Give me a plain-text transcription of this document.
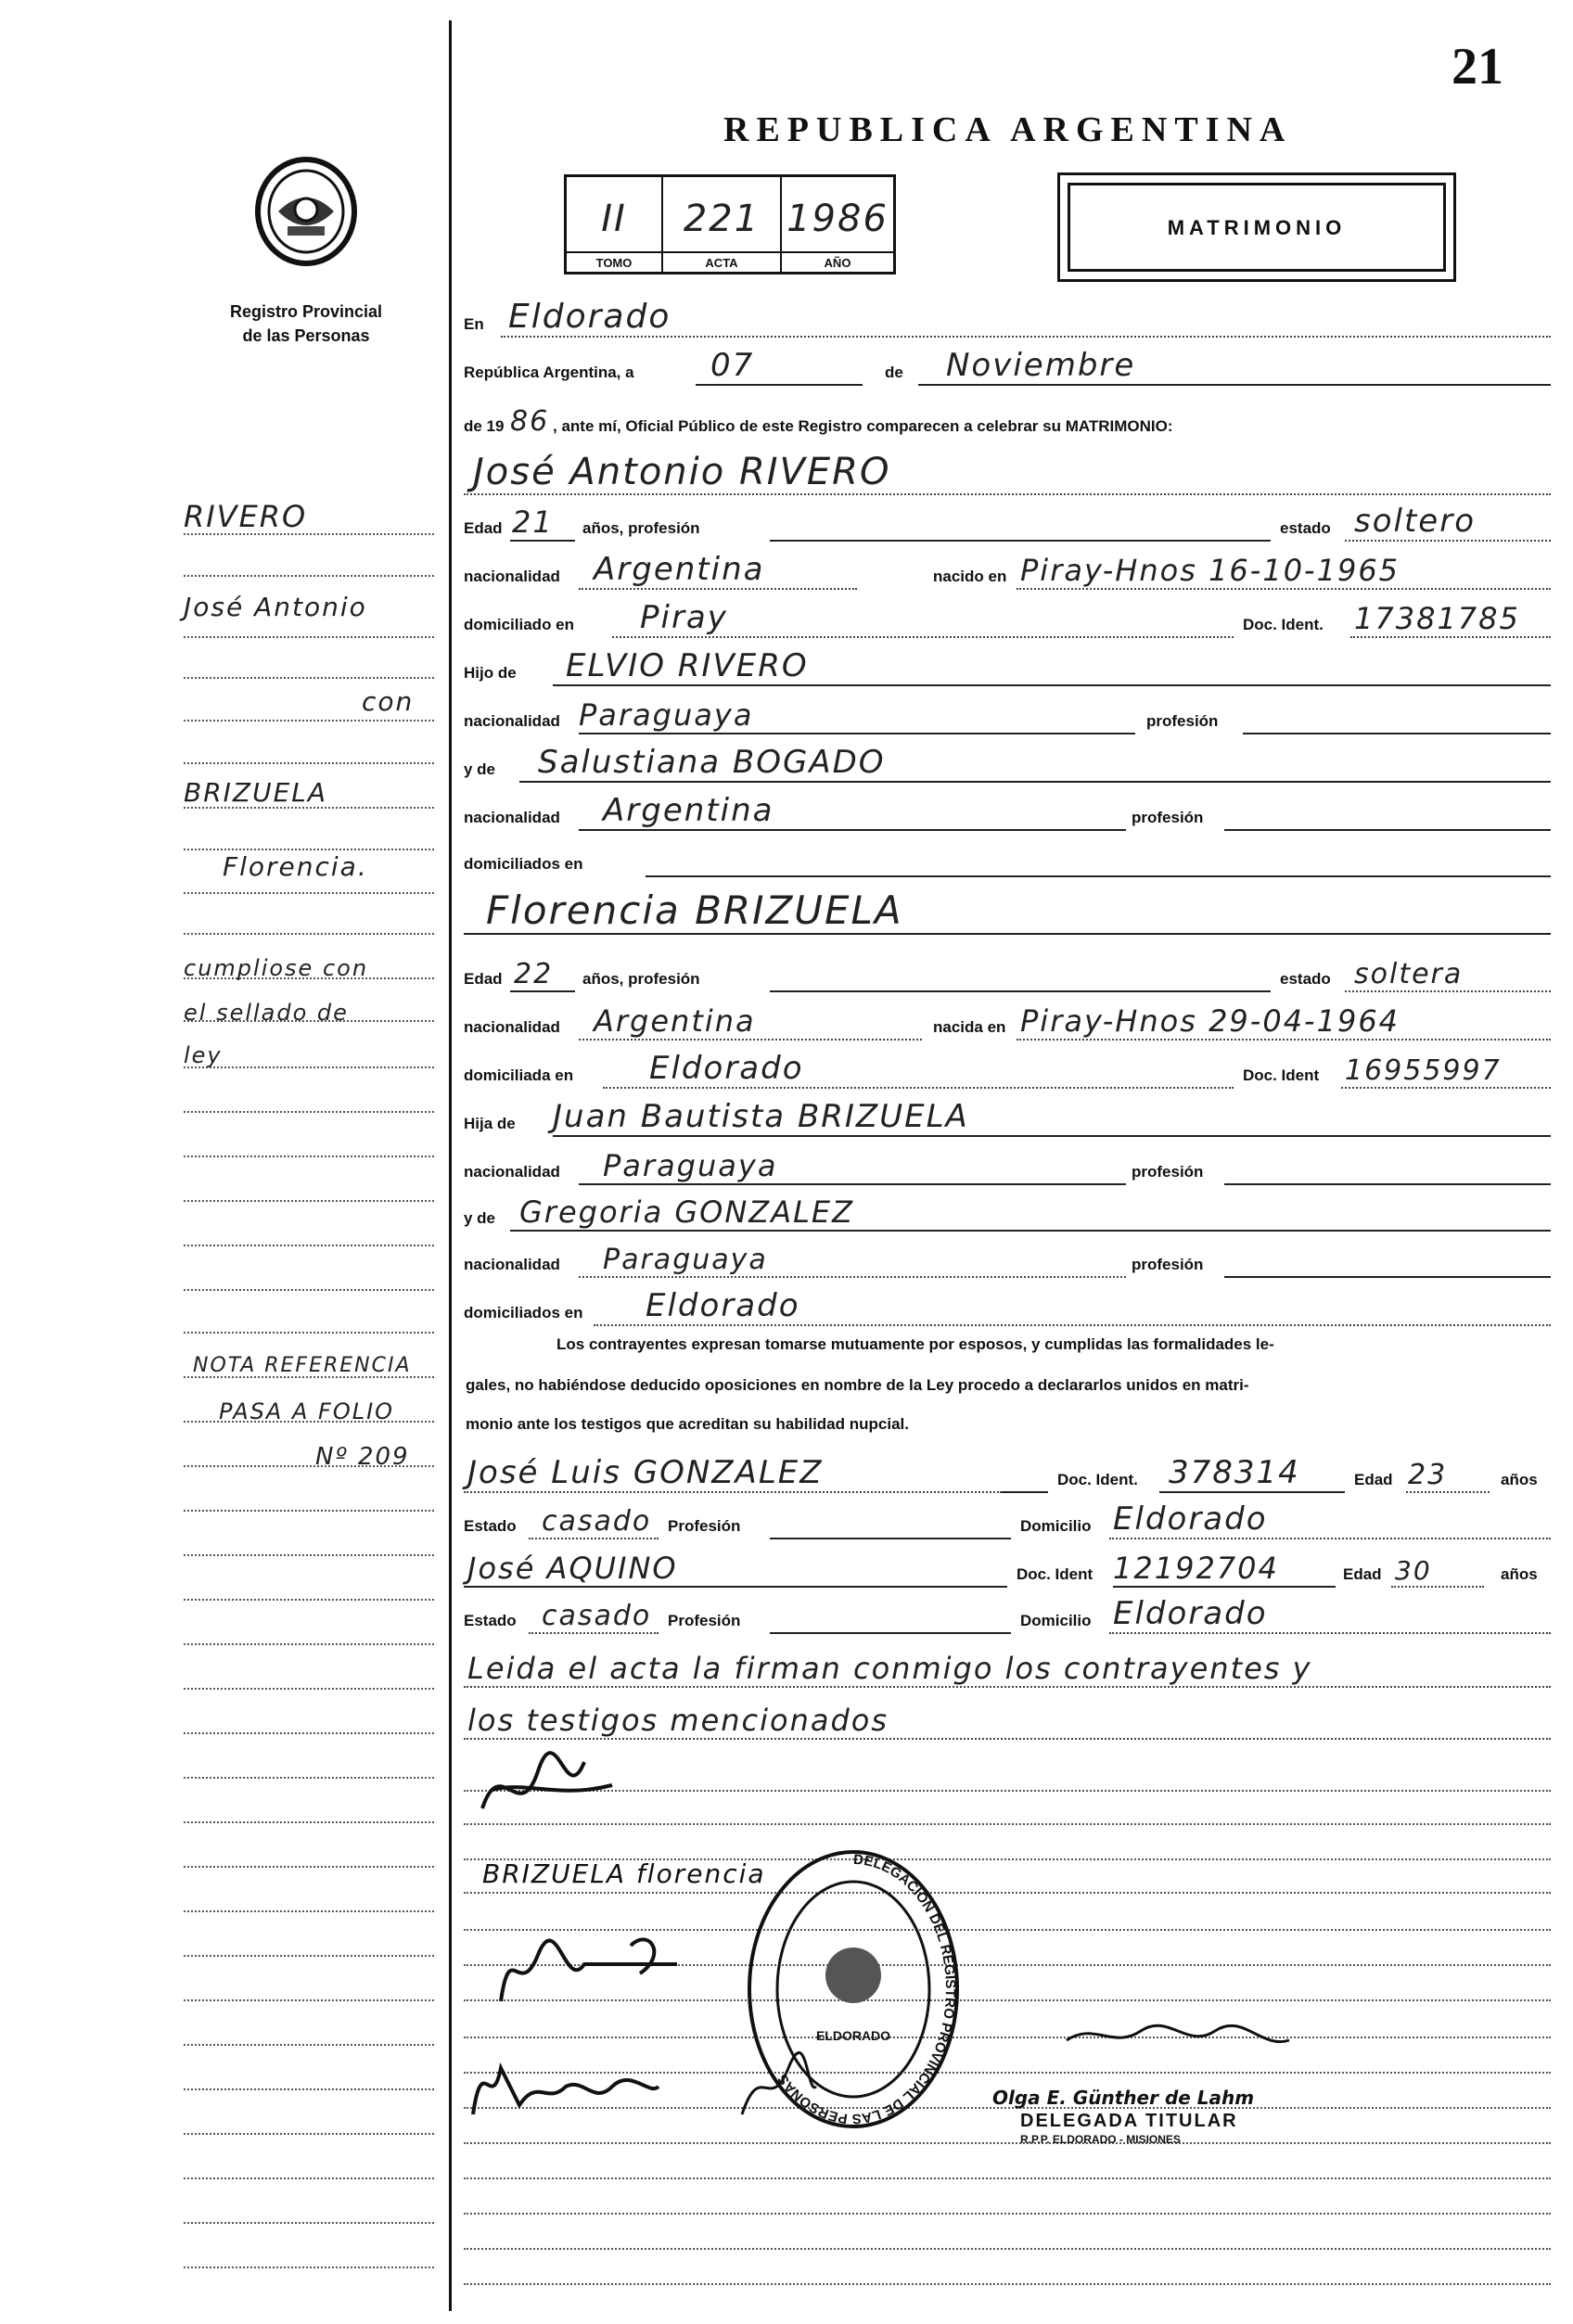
21
REPUBLICA ARGENTINA
II	221 1986
TOMO	ACTA	AÑO
MATRIMONIO
Registro Provincial
de las Personas
En Eldorado
República Argentina, a 07	de Noviembre
de 19 86 , ante mí, Oficial Público de este Registro comparecen a celebrar su MATRIMONIO:
José Antonio RIVERO
Edad 21 años, profesión	estado soltero
nacionalidad Argentina	nacido en Piray-Hnos 16-10-1965
domiciliado en Piray	Doc. Ident. 17381785
Hijo de ELVIO RIVERO
nacionalidad Paraguaya	profesión
y de Salustiana BOGADO
nacionalidad Argentina	profesión
domiciliados en
Florencia BRIZUELA
Edad 22 años, profesión	estado soltera
nacionalidad Argentina	nacida en Piray-Hnos 29-04-1964
domiciliada en Eldorado	Doc. Ident 16955997
Hija de Juan Bautista BRIZUELA
nacionalidad Paraguaya	profesión
y de Gregoria GONZALEZ
nacionalidad Paraguaya	profesión
domiciliados en Eldorado
Los contrayentes expresan tomarse mutuamente por esposos, y cumplidas las formalidades le-
gales, no habiéndose deducido oposiciones en nombre de la Ley procedo a declararlos unidos en matri-
monio ante los testigos que acreditan su habilidad nupcial.
José Luis GONZALEZ	Doc. Ident. 378314	Edad 23	años
Estado casado Profesión	Domicilio Eldorado
José AQUINO	Doc. Ident 12192704	Edad 30	años
Estado casado Profesión	Domicilio Eldorado
Leida el acta la firman conmigo los contrayentes y
los testigos mencionados
BRIZUELA florencia	DELEGACION DEL REGISTRO PROVINCIAL DE LAS PERSONAS
ELDORADO
Olga E. Günther de Lahm
DELEGADA TITULAR
R.P.P. ELDORADO - MISIONES
RIVERO
José Antonio
con
BRIZUELA
Florencia.
cumpliose con
el sellado de
ley
NOTA REFERENCIA
PASA A FOLIO
Nº 209
